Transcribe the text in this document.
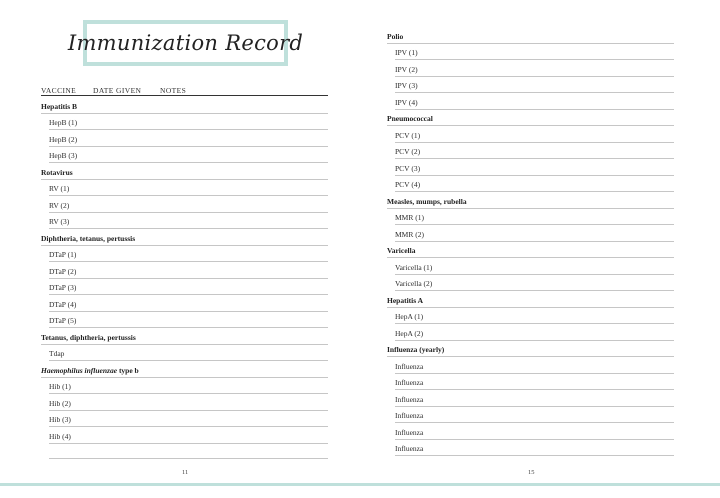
Immunization Record
VACCINE DATE GIVEN NOTES
Hepatitis B
HepB (1)
HepB (2)
HepB (3)
Rotavirus
RV (1)
RV (2)
RV (3)
Diphtheria, tetanus, pertussis
DTaP (1)
DTaP (2)
DTaP (3)
DTaP (4)
DTaP (5)
Tetanus, diphtheria, pertussis
Tdap
Haemophilus influenzae type b
Hib (1)
Hib (2)
Hib (3)
Hib (4)
11
Polio
IPV (1)
IPV (2)
IPV (3)
IPV (4)
Pneumococcal
PCV (1)
PCV (2)
PCV (3)
PCV (4)
Measles, mumps, rubella
MMR (1)
MMR (2)
Varicella
Varicella (1)
Varicella (2)
Hepatitis A
HepA (1)
HepA (2)
Influenza (yearly)
Influenza
Influenza
Influenza
Influenza
Influenza
Influenza
15
